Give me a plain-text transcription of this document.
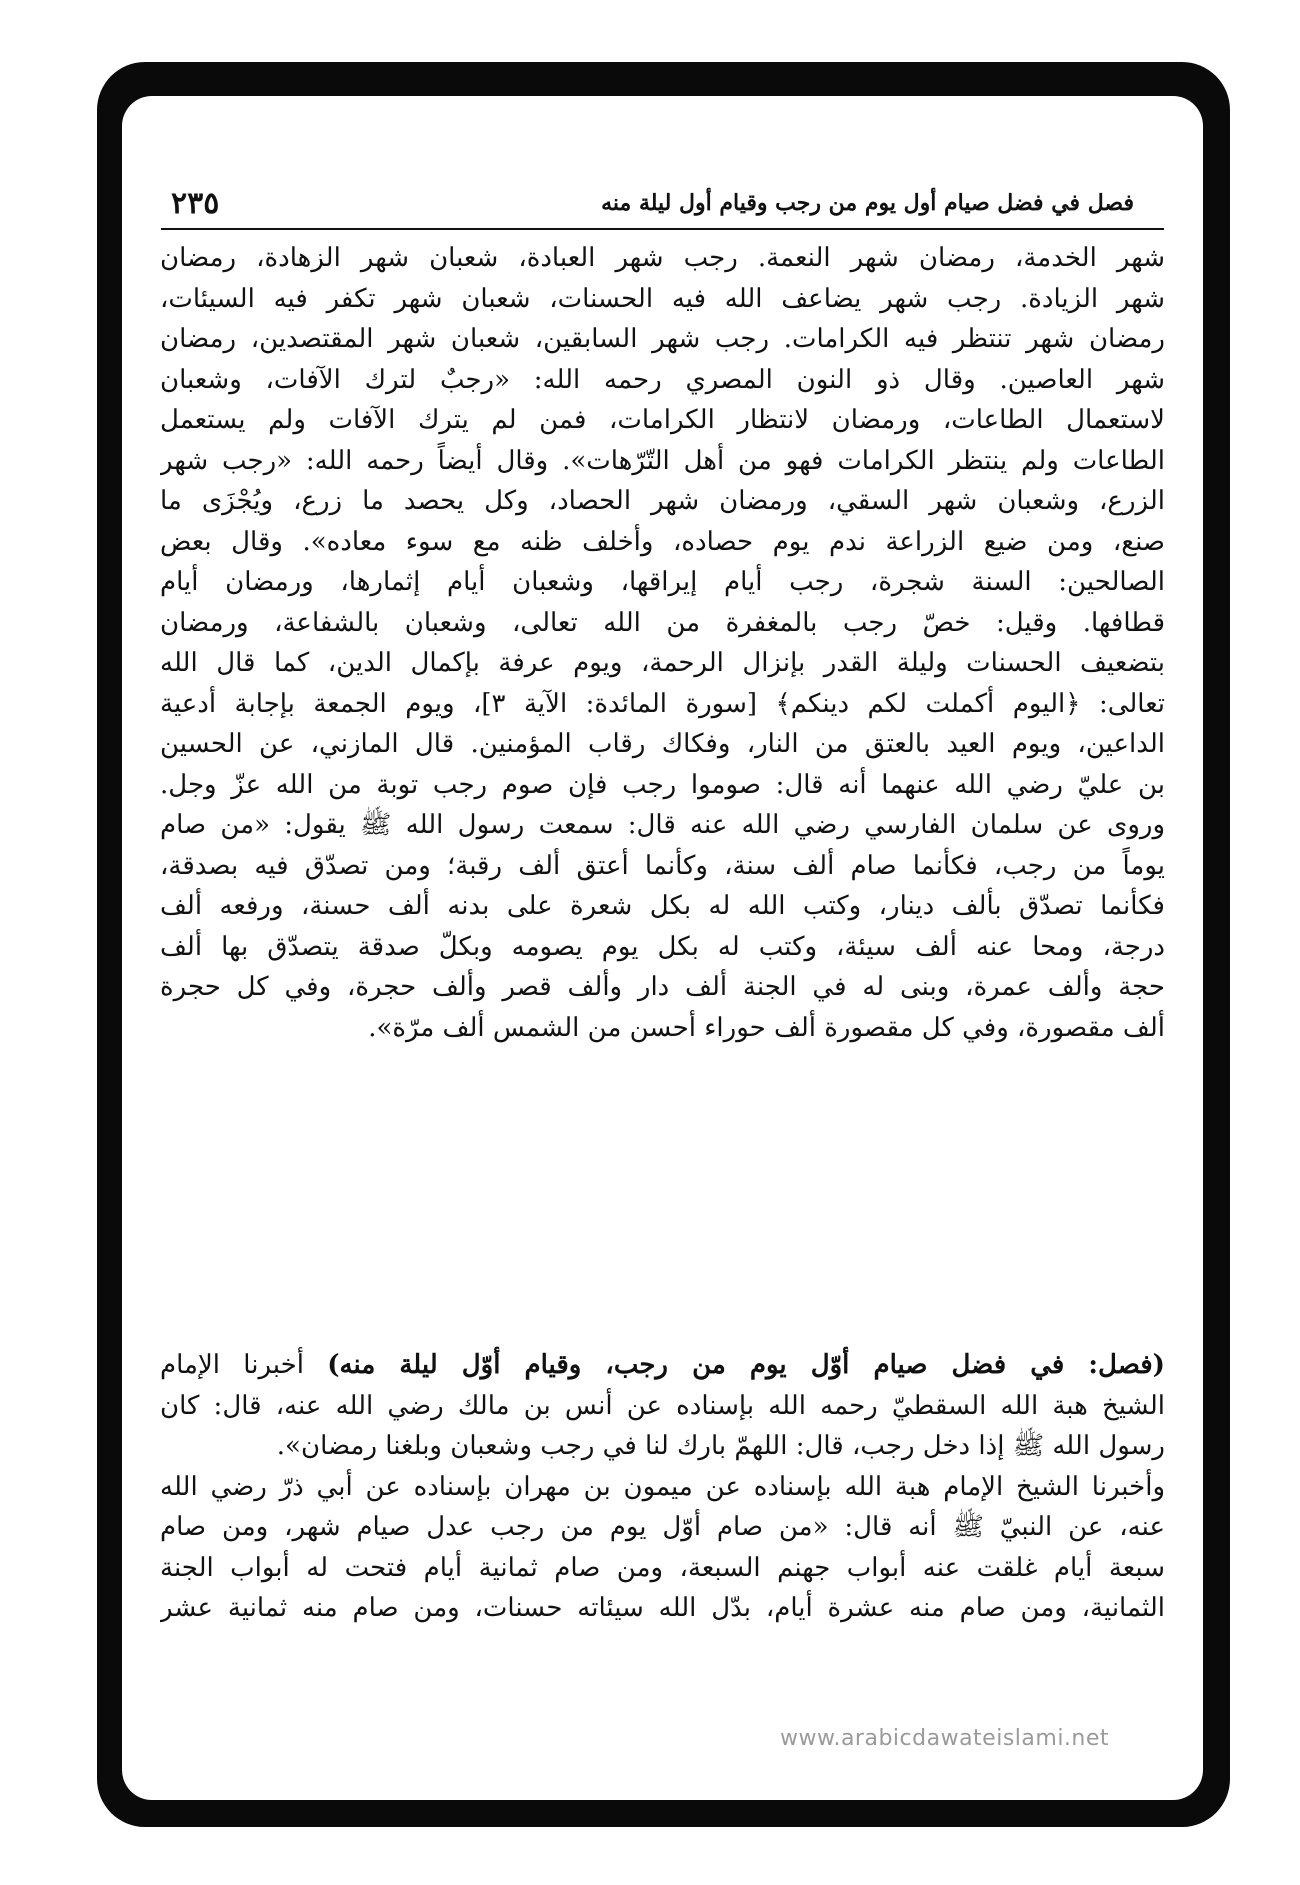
٢٣٥	فصل في فضل صيام أول يوم من رجب وقيام أول ليلة منه
شهر الخدمة، رمضان شهر النعمة. رجب شهر العبادة، شعبان شهر الزهادة، رمضان
شهر الزيادة. رجب شهر يضاعف الله فيه الحسنات، شعبان شهر تكفر فيه السيئات،
رمضان شهر تنتظر فيه الكرامات. رجب شهر السابقين، شعبان شهر المقتصدين، رمضان
شهر العاصين. وقال ذو النون المصري رحمه الله: «رجبٌ لترك الآفات، وشعبان
لاستعمال الطاعات، ورمضان لانتظار الكرامات، فمن لم يترك الآفات ولم يستعمل
الطاعات ولم ينتظر الكرامات فهو من أهل التّرّهات». وقال أيضاً رحمه الله: «رجب شهر
الزرع، وشعبان شهر السقي، ورمضان شهر الحصاد، وكل يحصد ما زرع، ويُجْزَى ما
صنع، ومن ضيع الزراعة ندم يوم حصاده، وأخلف ظنه مع سوء معاده». وقال بعض
الصالحين: السنة شجرة، رجب أيام إيراقها، وشعبان أيام إثمارها، ورمضان أيام
قطافها. وقيل: خصّ رجب بالمغفرة من الله تعالى، وشعبان بالشفاعة، ورمضان
بتضعيف الحسنات وليلة القدر بإنزال الرحمة، ويوم عرفة بإكمال الدين، كما قال الله
تعالى: ﴿اليوم أكملت لكم دينكم﴾ [سورة المائدة: الآية ٣]، ويوم الجمعة بإجابة أدعية
الداعين، ويوم العيد بالعتق من النار، وفكاك رقاب المؤمنين. قال المازني، عن الحسين
بن عليّ رضي الله عنهما أنه قال: صوموا رجب فإن صوم رجب توبة من الله عزّ وجل.
وروى عن سلمان الفارسي رضي الله عنه قال: سمعت رسول الله ﷺ يقول: «من صام
يوماً من رجب، فكأنما صام ألف سنة، وكأنما أعتق ألف رقبة؛ ومن تصدّق فيه بصدقة،
فكأنما تصدّق بألف دينار، وكتب الله له بكل شعرة على بدنه ألف حسنة، ورفعه ألف
درجة، ومحا عنه ألف سيئة، وكتب له بكل يوم يصومه وبكلّ صدقة يتصدّق بها ألف
حجة وألف عمرة، وبنى له في الجنة ألف دار وألف قصر وألف حجرة، وفي كل حجرة
ألف مقصورة، وفي كل مقصورة ألف حوراء أحسن من الشمس ألف مرّة».
(فصل: في فضل صيام أوّل يوم من رجب، وقيام أوّل ليلة منه) أخبرنا الإمام
الشيخ هبة الله السقطيّ رحمه الله بإسناده عن أنس بن مالك رضي الله عنه، قال: كان
رسول الله ﷺ إذا دخل رجب، قال: اللهمّ بارك لنا في رجب وشعبان وبلغنا رمضان».
وأخبرنا الشيخ الإمام هبة الله بإسناده عن ميمون بن مهران بإسناده عن أبي ذرّ رضي الله
عنه، عن النبيّ ﷺ أنه قال: «من صام أوّل يوم من رجب عدل صيام شهر، ومن صام
سبعة أيام غلقت عنه أبواب جهنم السبعة، ومن صام ثمانية أيام فتحت له أبواب الجنة
الثمانية، ومن صام منه عشرة أيام، بدّل الله سيئاته حسنات، ومن صام منه ثمانية عشر
www.arabicdawateislami.net
